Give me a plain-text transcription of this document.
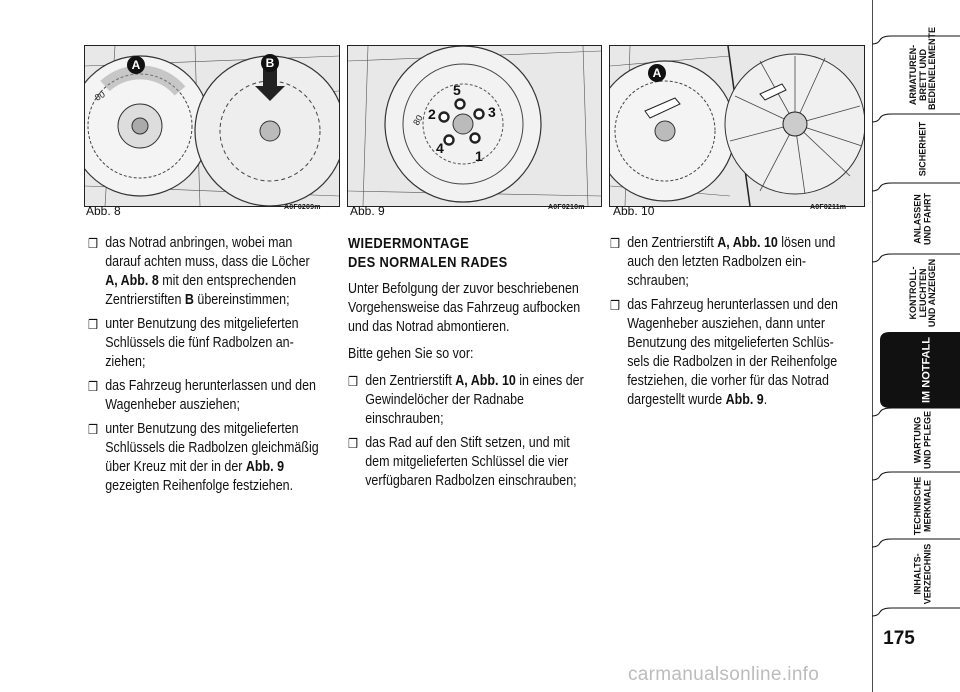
80
A	B
Abb. 8	A0F0209m
80
5
2	3
4 1
Abb. 9	A0F0210m
A
Abb. 10	A0F0211m
❒ das Notrad anbringen, wobei man darauf achten muss, dass die Löcher A, Abb. 8 mit den entsprechenden Zentrierstiften B übereinstimmen;
❒ unter Benutzung des mitgelieferten Schlüssels die fünf Radbolzen anziehen;
❒ das Fahrzeug herunterlassen und den Wagenheber ausziehen;
❒ unter Benutzung des mitgelieferten Schlüssels die Radbolzen gleichmäßig über Kreuz mit der in der Abb. 9 gezeigten Reihenfolge festziehen.
WIEDERMONTAGE
DES NORMALEN RADES
Unter Befolgung der zuvor beschriebenen Vorgehensweise das Fahrzeug aufbocken und das Notrad abmontieren.
Bitte gehen Sie so vor:
❒ den Zentrierstift A, Abb. 10 in eines der Gewindelöcher der Radnabe einschrauben;
❒ das Rad auf den Stift setzen, und mit dem mitgelieferten Schlüssel die vier verfügbaren Radbolzen einschrauben;
❒ den Zentrierstift A, Abb. 10 lösen und auch den letzten Radbolzen einschrauben;
❒ das Fahrzeug herunterlassen und den Wagenheber ausziehen, dann unter Benutzung des mitgelieferten Schlüssels die Radbolzen in der Reihenfolge festziehen, die vorher für das Notrad dargestellt wurde Abb. 9.
ARMATUREN- BRETT UND BEDIENELEMENTE
SICHERHEIT
ANLASSEN UND FAHRT
KONTROLL- LEUCHTEN UND ANZEIGEN
IM NOTFALL
WARTUNG UND PFLEGE
TECHNISCHE MERKMALE
INHALTS- VERZEICHNIS
175
carmanualsonline.info
